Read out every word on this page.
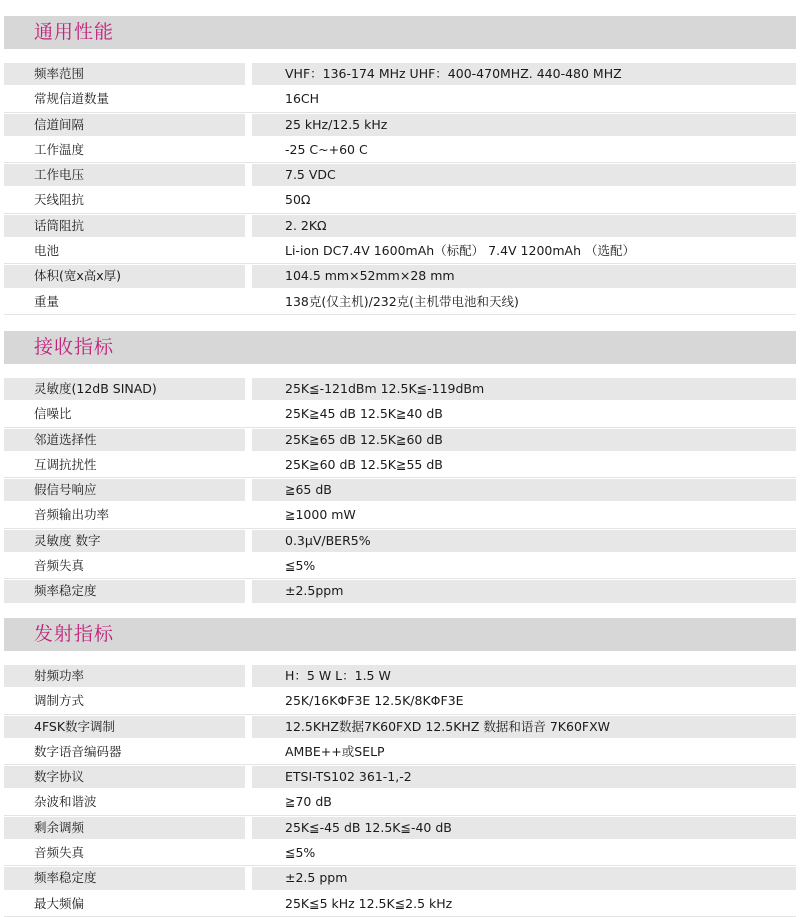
通用性能
频率范围	VHF：136-174 MHz UHF：400-470MHZ. 440-480 MHZ
常规信道数量	16CH
信道间隔	25 kHz/12.5 kHz
工作温度	-25 C~+60 C
工作电压	7.5 VDC
天线阻抗	50Ω
话筒阻抗	2. 2KΩ
电池	Li-ion DC7.4V 1600mAh（标配） 7.4V 1200mAh （选配）
体积(宽x高x厚)	104.5 mm×52mm×28 mm
重量	138克(仅主机)/232克(主机带电池和天线)
接收指标
灵敏度(12dB SINAD)	25K≦-121dBm 12.5K≦-119dBm
信噪比	25K≧45 dB 12.5K≧40 dB
邻道选择性	25K≧65 dB 12.5K≧60 dB
互调抗扰性	25K≧60 dB 12.5K≧55 dB
假信号响应	≧65 dB
音频输出功率	≧1000 mW
灵敏度 数字	0.3μV/BER5%
音频失真	≦5%
频率稳定度	±2.5ppm
发射指标
射频功率	H：5 W L：1.5 W
调制方式	25K/16KΦF3E 12.5K/8KΦF3E
4FSK数字调制	12.5KHZ数据7K60FXD 12.5KHZ 数据和语音 7K60FXW
数字语音编码器	AMBE++或SELP
数字协议	ETSI-TS102 361-1,-2
杂波和谐波	≧70 dB
剩余调频	25K≦-45 dB 12.5K≦-40 dB
音频失真	≦5%
频率稳定度	±2.5 ppm
最大频偏	25K≦5 kHz 12.5K≦2.5 kHz
